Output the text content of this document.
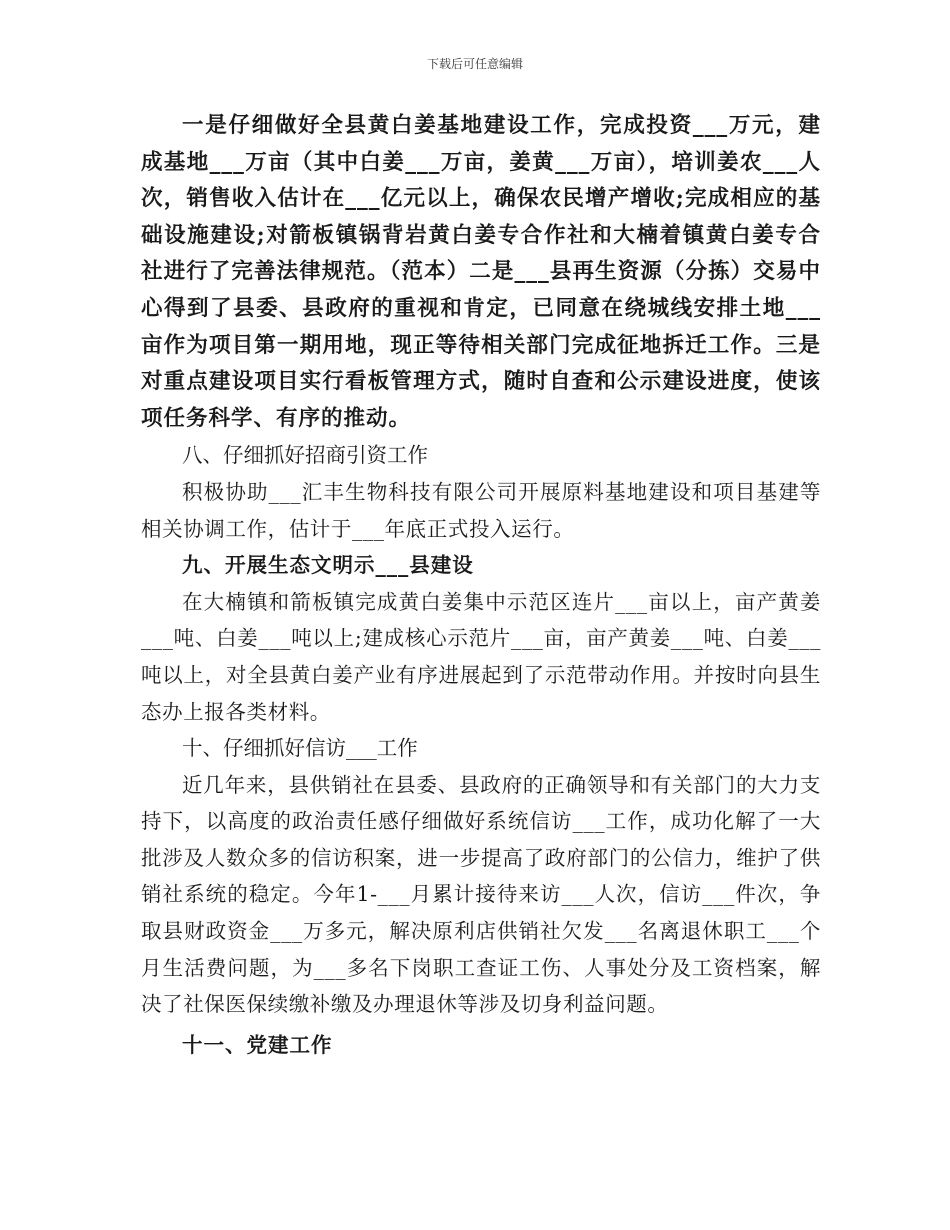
下载后可任意编辑

一是仔细做好全县黄白姜基地建设工作，完成投资___万元，建成基地___万亩（其中白姜___万亩，姜黄___万亩），培训姜农___人次，销售收入估计在___亿元以上，确保农民增产增收;完成相应的基础设施建设;对箭板镇锅背岩黄白姜专合作社和大楠着镇黄白姜专合社进行了完善法律规范。（范本）二是___县再生资源（分拣）交易中心得到了县委、县政府的重视和肯定，已同意在绕城线安排土地___亩作为项目第一期用地，现正等待相关部门完成征地拆迁工作。三是对重点建设项目实行看板管理方式，随时自查和公示建设进度，使该项任务科学、有序的推动。

八、仔细抓好招商引资工作

积极协助___汇丰生物科技有限公司开展原料基地建设和项目基建等相关协调工作，估计于___年底正式投入运行。

九、开展生态文明示___县建设

在大楠镇和箭板镇完成黄白姜集中示范区连片___亩以上，亩产黄姜___吨、白姜___吨以上;建成核心示范片___亩，亩产黄姜___吨、白姜___吨以上，对全县黄白姜产业有序进展起到了示范带动作用。并按时向县生态办上报各类材料。

十、仔细抓好信访___工作

近几年来，县供销社在县委、县政府的正确领导和有关部门的大力支持下，以高度的政治责任感仔细做好系统信访___工作，成功化解了一大批涉及人数众多的信访积案，进一步提高了政府部门的公信力，维护了供销社系统的稳定。今年1-___月累计接待来访___人次，信访___件次，争取县财政资金___万多元，解决原利店供销社欠发___名离退休职工___个月生活费问题，为___多名下岗职工查证工伤、人事处分及工资档案，解决了社保医保续缴补缴及办理退休等涉及切身利益问题。

十一、党建工作
